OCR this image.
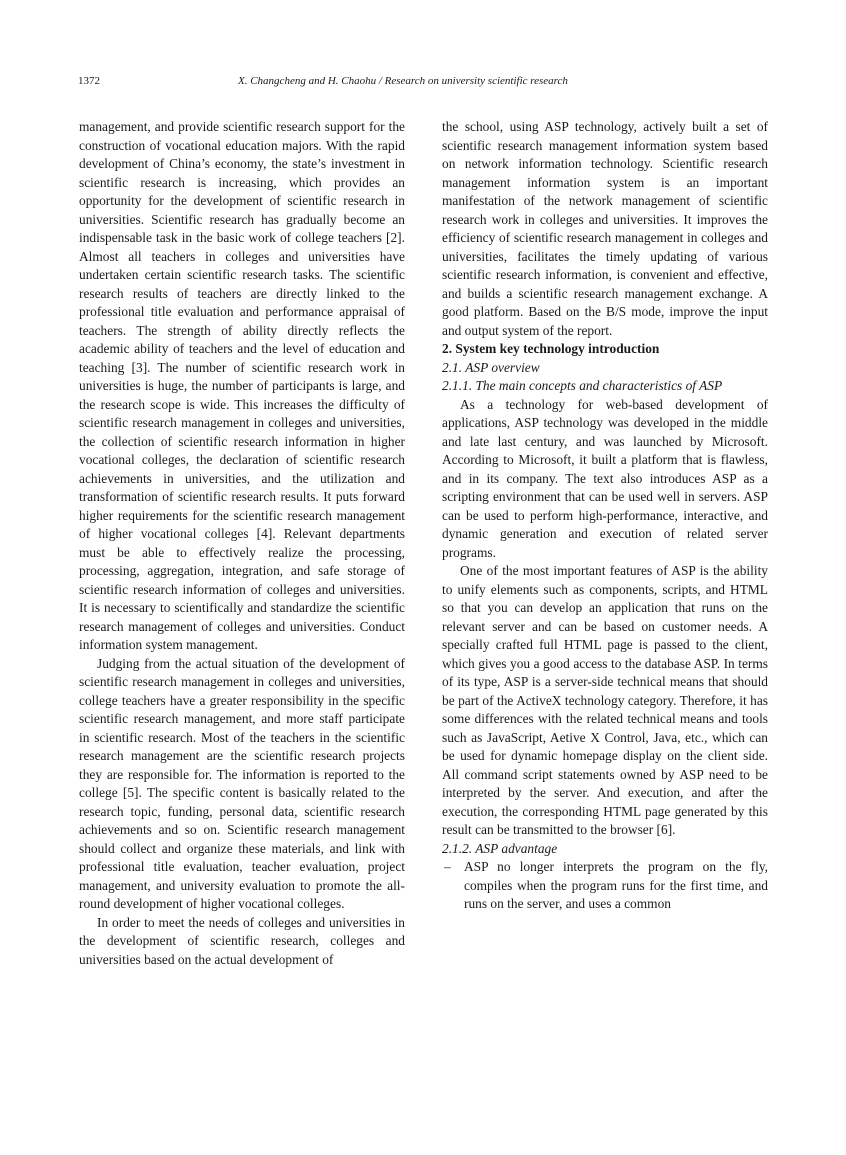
1372	X. Changcheng and H. Chaohu / Research on university scientific research

management, and provide scientific research support for the construction of vocational education majors. With the rapid development of China’s economy, the state’s investment in scientific research is increasing, which provides an opportunity for the development of scientific research in universities. Scientific research has gradually become an indispensable task in the basic work of college teachers [2]. Almost all teachers in colleges and universities have undertaken certain scientific research tasks. The scientific research results of teachers are directly linked to the professional title evaluation and performance appraisal of teachers. The strength of ability directly reflects the academic ability of teachers and the level of education and teaching [3]. The number of scientific research work in universities is huge, the number of participants is large, and the research scope is wide. This increases the difficulty of scientific research management in colleges and universities, the collection of scientific research information in higher vocational colleges, the declaration of scientific research achievements in universities, and the utilization and transformation of scientific research results. It puts forward higher requirements for the scientific research management of higher vocational colleges [4]. Relevant departments must be able to effectively realize the processing, processing, aggregation, integration, and safe storage of scientific research information of colleges and universities. It is necessary to scientifically and standardize the scientific research management of colleges and universities. Conduct information system management.

Judging from the actual situation of the development of scientific research management in colleges and universities, college teachers have a greater responsibility in the specific scientific research management, and more staff participate in scientific research. Most of the teachers in the scientific research management are the scientific research projects they are responsible for. The information is reported to the college [5]. The specific content is basically related to the research topic, funding, personal data, scientific research achievements and so on. Scientific research management should collect and organize these materials, and link with professional title evaluation, teacher evaluation, project management, and university evaluation to promote the all-round development of higher vocational colleges.

In order to meet the needs of colleges and universities in the development of scientific research, colleges and universities based on the actual development of

the school, using ASP technology, actively built a set of scientific research management information system based on network information technology. Scientific research management information system is an important manifestation of the network management of scientific research work in colleges and universities. It improves the efficiency of scientific research management in colleges and universities, facilitates the timely updating of various scientific research information, is convenient and effective, and builds a scientific research management exchange. A good platform. Based on the B/S mode, improve the input and output system of the report.

2. System key technology introduction

2.1. ASP overview

2.1.1. The main concepts and characteristics of ASP

As a technology for web-based development of applications, ASP technology was developed in the middle and late last century, and was launched by Microsoft. According to Microsoft, it built a platform that is flawless, and in its company. The text also introduces ASP as a scripting environment that can be used well in servers. ASP can be used to perform high-performance, interactive, and dynamic generation and execution of related server programs.

One of the most important features of ASP is the ability to unify elements such as components, scripts, and HTML so that you can develop an application that runs on the relevant server and can be based on customer needs. A specially crafted full HTML page is passed to the client, which gives you a good access to the database ASP. In terms of its type, ASP is a server-side technical means that should be part of the ActiveX technology category. Therefore, it has some differences with the related technical means and tools such as JavaScript, Aetive X Control, Java, etc., which can be used for dynamic homepage display on the client side. All command script statements owned by ASP need to be interpreted by the server. And execution, and after the execution, the corresponding HTML page generated by this result can be transmitted to the browser [6].

2.1.2. ASP advantage

– ASP no longer interprets the program on the fly, compiles when the program runs for the first time, and runs on the server, and uses a common
